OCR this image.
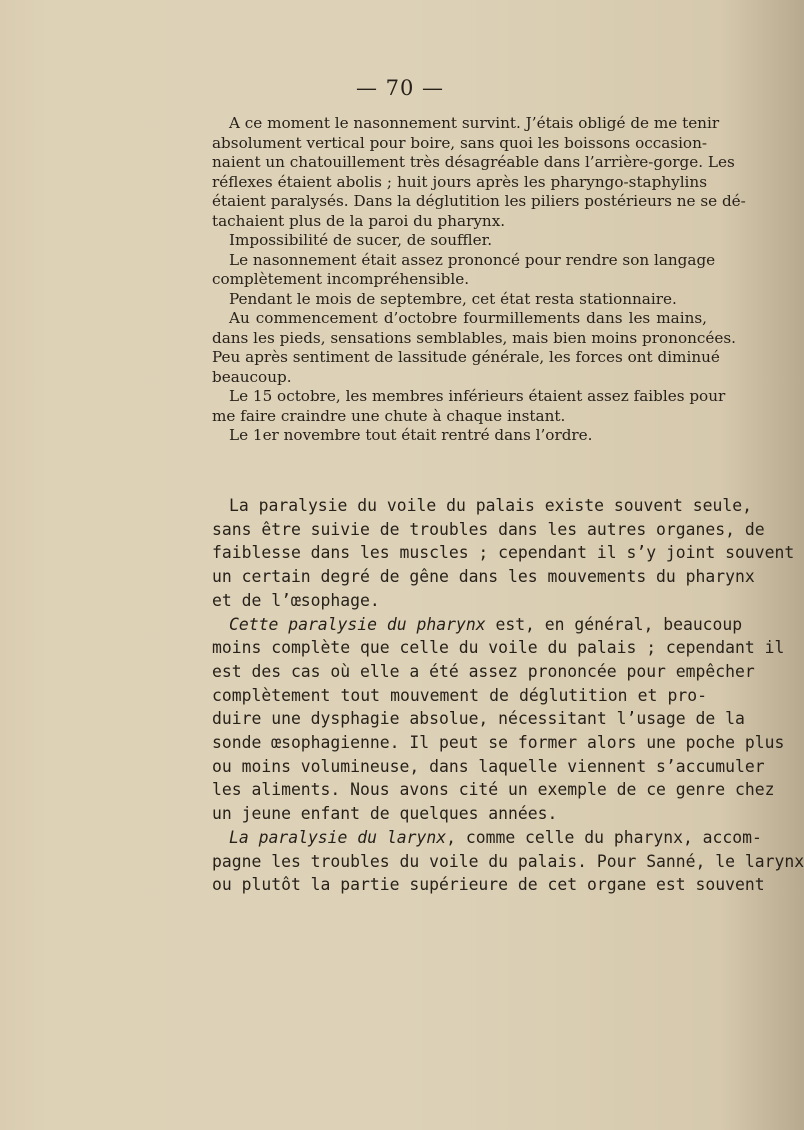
— 70 —
A ce moment le nasonnement survint. J’étais obligé de me tenir
absolument vertical pour boire, sans quoi les boissons occasion-
naient un chatouillement très désagréable dans l’arrière-gorge. Les
réflexes étaient abolis ; huit jours après les pharyngo-staphylins
étaient paralysés. Dans la déglutition les piliers postérieurs ne se dé-
tachaient plus de la paroi du pharynx.
Impossibilité de sucer, de souffler.
Le nasonnement était assez prononcé pour rendre son langage
complètement incompréhensible.
Pendant le mois de septembre, cet état resta stationnaire.
Au commencement d’octobre fourmillements dans les mains,
dans les pieds, sensations semblables, mais bien moins prononcées.
Peu après sentiment de lassitude générale, les forces ont diminué
beaucoup.
Le 15 octobre, les membres inférieurs étaient assez faibles pour
me faire craindre une chute à chaque instant.
Le 1er novembre tout était rentré dans l’ordre.
La paralysie du voile du palais existe souvent seule,
sans être suivie de troubles dans les autres organes, de
faiblesse dans les muscles ; cependant il s’y joint souvent
un certain degré de gêne dans les mouvements du pharynx
et de l’œsophage.
Cette paralysie du pharynx est, en général, beaucoup
moins complète que celle du voile du palais ; cependant il
est des cas où elle a été assez prononcée pour empêcher
complètement tout mouvement de déglutition et pro-
duire une dysphagie absolue, nécessitant l’usage de la
sonde œsophagienne. Il peut se former alors une poche plus
ou moins volumineuse, dans laquelle viennent s’accumuler
les aliments. Nous avons cité un exemple de ce genre chez
un jeune enfant de quelques années.
La paralysie du larynx, comme celle du pharynx, accom-
pagne les troubles du voile du palais. Pour Sanné, le larynx
ou plutôt la partie supérieure de cet organe est souvent
